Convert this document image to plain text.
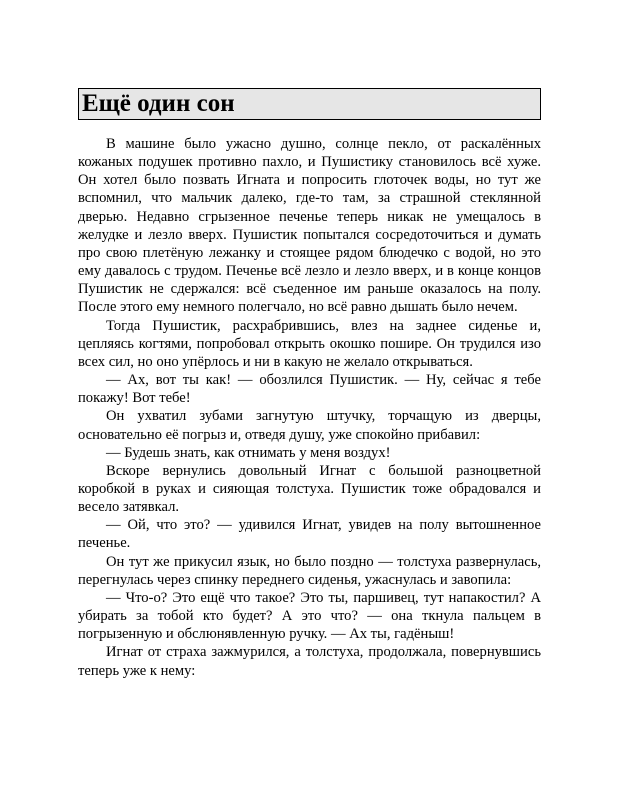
Ещё один сон

В машине было ужасно душно, солнце пекло, от раскалённых кожаных подушек противно пахло, и Пушистику становилось всё хуже. Он хотел было позвать Игната и попросить глоточек воды, но тут же вспомнил, что мальчик далеко, где-то там, за страшной стеклянной дверью. Недавно сгрызенное печенье теперь никак не умещалось в желудке и лезло вверх. Пушистик попытался сосредоточиться и думать про свою плетёную лежанку и стоящее рядом блюдечко с водой, но это ему давалось с трудом. Печенье всё лезло и лезло вверх, и в конце концов Пушистик не сдержался: всё съеденное им раньше оказалось на полу. После этого ему немного полегчало, но всё равно дышать было нечем.

Тогда Пушистик, расхрабрившись, влез на заднее сиденье и, цепляясь когтями, попробовал открыть окошко пошире. Он трудился изо всех сил, но оно упёрлось и ни в какую не желало открываться.

— Ах, вот ты как! — обозлился Пушистик. — Ну, сейчас я тебе покажу! Вот тебе!

Он ухватил зубами загнутую штучку, торчащую из дверцы, основательно её погрыз и, отведя душу, уже спокойно прибавил:

— Будешь знать, как отнимать у меня воздух!

Вскоре вернулись довольный Игнат с большой разноцветной коробкой в руках и сияющая толстуха. Пушистик тоже обрадовался и весело затявкал.

— Ой, что это? — удивился Игнат, увидев на полу вытошненное печенье.

Он тут же прикусил язык, но было поздно — толстуха развернулась, перегнулась через спинку переднего сиденья, ужаснулась и завопила:

— Что-о? Это ещё что такое? Это ты, паршивец, тут напакостил? А убирать за тобой кто будет? А это что? — она ткнула пальцем в погрызенную и обслюнявленную ручку. — Ах ты, гадёныш!

Игнат от страха зажмурился, а толстуха, продолжала, повернувшись теперь уже к нему:
